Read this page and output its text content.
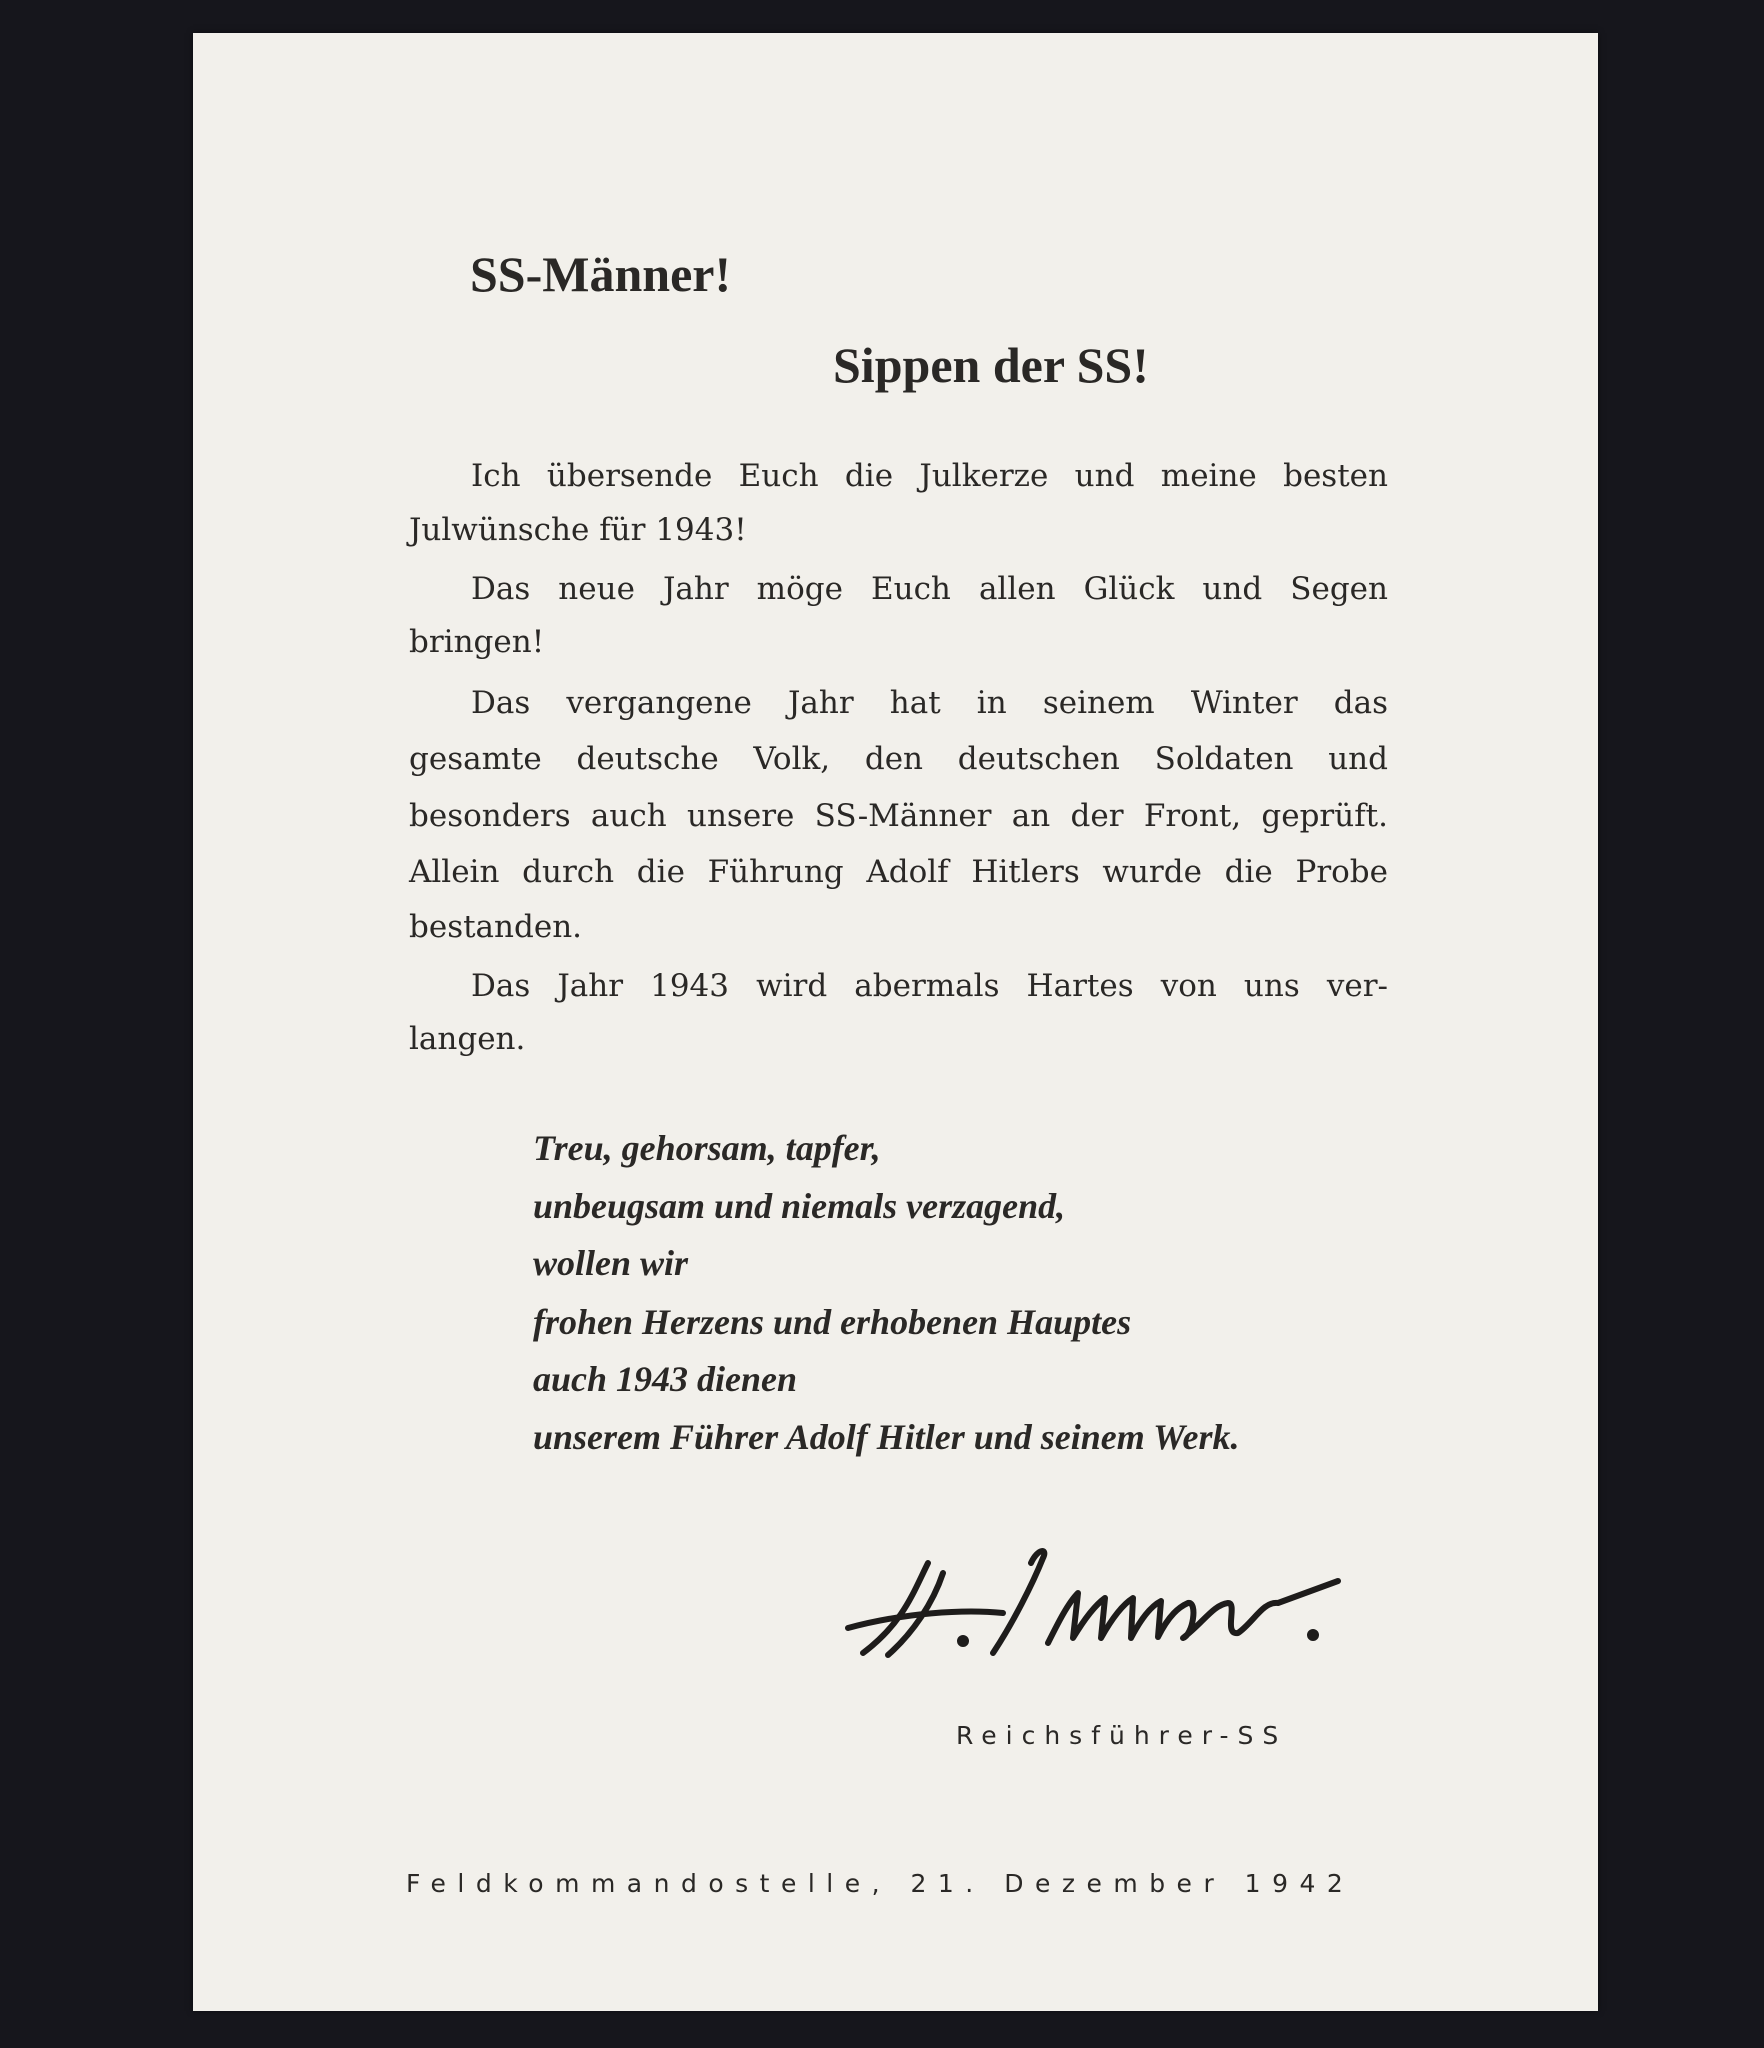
SS-Männer!
Sippen der SS!
Ich übersende Euch die Julkerze und meine besten
Julwünsche für 1943!
Das neue Jahr möge Euch allen Glück und Segen
bringen!
Das vergangene Jahr hat in seinem Winter das
gesamte deutsche Volk, den deutschen Soldaten und
besonders auch unsere SS-Männer an der Front, geprüft.
Allein durch die Führung Adolf Hitlers wurde die Probe
bestanden.
Das Jahr 1943 wird abermals Hartes von uns ver-
langen.
Treu, gehorsam, tapfer,
unbeugsam und niemals verzagend,
wollen wir
frohen Herzens und erhobenen Hauptes
auch 1943 dienen
unserem Führer Adolf Hitler und seinem Werk.
Reichsführer-SS
Feldkommandostelle, 21. Dezember 1942
